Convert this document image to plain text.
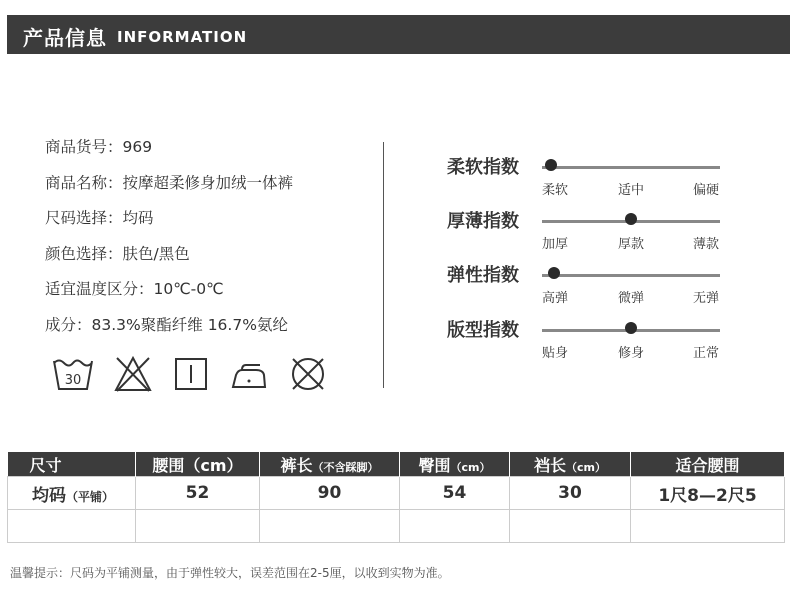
产品信息 INFORMATION
商品货号：969
商品名称：按摩超柔修身加绒一体裤
尺码选择：均码
颜色选择：肤色/黑色
适宜温度区分：10℃-0℃
成分：83.3%聚酯纤维 16.7%氨纶
30
柔软指数
柔软	适中	偏硬
厚薄指数
加厚	厚款	薄款
弹性指数
高弹	微弹	无弹
版型指数
贴身	修身	正常
尺寸	腰围（cm）	裤长（不含踩脚）	臀围（cm）	裆长（cm）	适合腰围
均码（平铺）	52	90	54	30	1尺8—2尺5

温馨提示：尺码为平铺测量，由于弹性较大，误差范围在2-5厘，以收到实物为准。
